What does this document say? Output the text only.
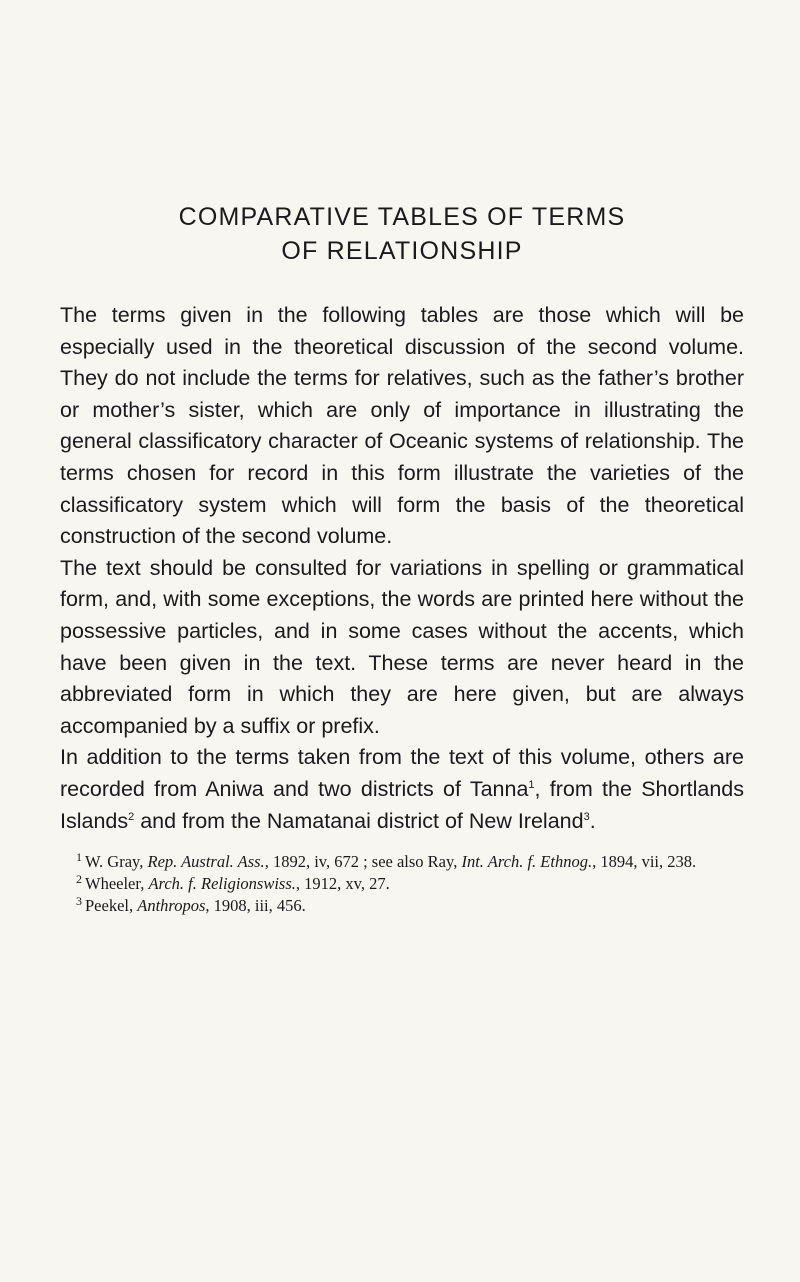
COMPARATIVE TABLES OF TERMS
OF RELATIONSHIP

The terms given in the following tables are those which will be especially used in the theoretical discussion of the second volume. They do not include the terms for relatives, such as the father’s brother or mother’s sister, which are only of importance in illustrating the general classificatory character of Oceanic systems of relationship. The terms chosen for record in this form illustrate the varieties of the classificatory system which will form the basis of the theoretical construction of the second volume.

The text should be consulted for variations in spelling or grammatical form, and, with some exceptions, the words are printed here without the possessive particles, and in some cases without the accents, which have been given in the text. These terms are never heard in the abbreviated form in which they are here given, but are always accompanied by a suffix or prefix.

In addition to the terms taken from the text of this volume, others are recorded from Aniwa and two districts of Tanna$^1$, from the Shortlands Islands$^2$ and from the Namatanai district of New Ireland$^3$.

$^1$ W. Gray, Rep. Austral. Ass., 1892, iv, 672 ; see also Ray, Int. Arch. f. Ethnog., 1894, vii, 238.

$^2$ Wheeler, Arch. f. Religionswiss., 1912, xv, 27.

$^3$ Peekel, Anthropos, 1908, iii, 456.
